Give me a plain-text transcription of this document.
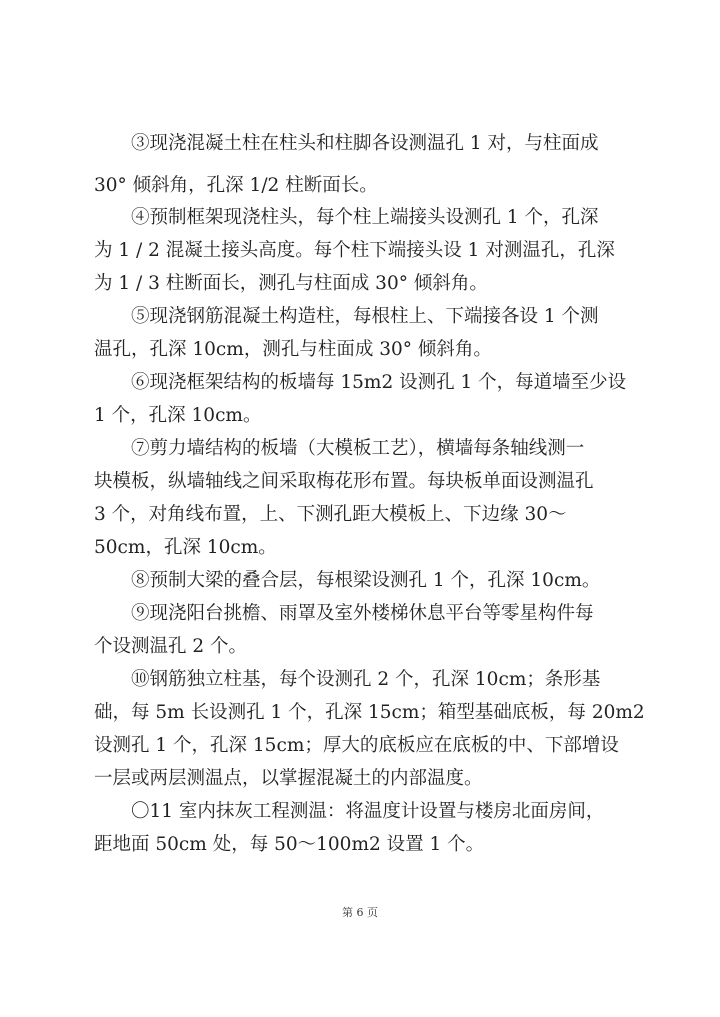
③现浇混凝土柱在柱头和柱脚各设测温孔 1 对，与柱面成

30° 倾斜角，孔深 1/2 柱断面长。

④预制框架现浇柱头，每个柱上端接头设测孔 1 个，孔深

为 1 / 2 混凝土接头高度。每个柱下端接头设 1 对测温孔，孔深

为 1 / 3 柱断面长，测孔与柱面成 30° 倾斜角。

⑤现浇钢筋混凝土构造柱，每根柱上、下端接各设 1 个测

温孔，孔深 10cm，测孔与柱面成 30° 倾斜角。

⑥现浇框架结构的板墙每 15m2 设测孔 1 个，每道墙至少设

1 个，孔深 10cm。

⑦剪力墙结构的板墙（大模板工艺），横墙每条轴线测一

块模板，纵墙轴线之间采取梅花形布置。每块板单面设测温孔

3 个，对角线布置，上、下测孔距大模板上、下边缘 30～

50cm，孔深 10cm。

⑧预制大梁的叠合层，每根梁设测孔 1 个，孔深 10cm。

⑨现浇阳台挑檐、雨罩及室外楼梯休息平台等零星构件每

个设测温孔 2 个。

⑩钢筋独立柱基，每个设测孔 2 个，孔深 10cm；条形基

础，每 5m 长设测孔 1 个，孔深 15cm；箱型基础底板，每 20m2

设测孔 1 个，孔深 15cm；厚大的底板应在底板的中、下部增设

一层或两层测温点，以掌握混凝土的内部温度。

〇11 室内抹灰工程测温：将温度计设置与楼房北面房间，

距地面 50cm 处，每 50～100m2 设置 1 个。

第 6 页
